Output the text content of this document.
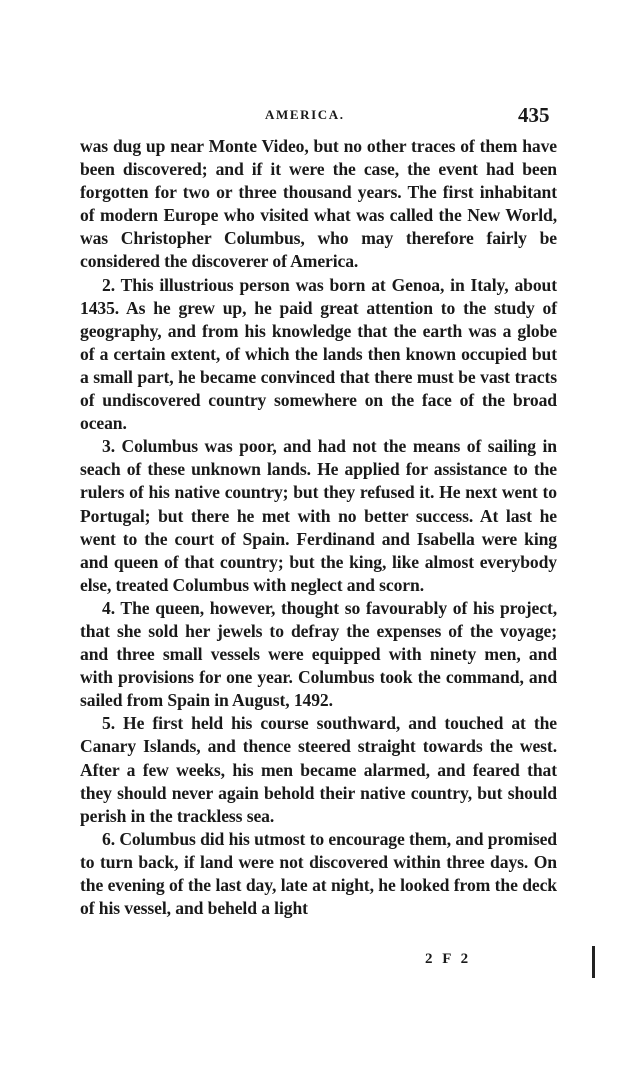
AMERICA.	435

was dug up near Monte Video, but no other traces of them have been discovered; and if it were the case, the event had been forgotten for two or three thousand years. The first inhabitant of modern Europe who visited what was called the New World, was Christopher Columbus, who may therefore fairly be considered the discoverer of America.

2. This illustrious person was born at Genoa, in Italy, about 1435. As he grew up, he paid great attention to the study of geography, and from his knowledge that the earth was a globe of a certain extent, of which the lands then known occupied but a small part, he became convinced that there must be vast tracts of undiscovered country somewhere on the face of the broad ocean.

3. Columbus was poor, and had not the means of sailing in seach of these unknown lands. He applied for assistance to the rulers of his native country; but they refused it. He next went to Portugal; but there he met with no better success. At last he went to the court of Spain. Ferdinand and Isabella were king and queen of that country; but the king, like almost everybody else, treated Columbus with neglect and scorn.

4. The queen, however, thought so favourably of his project, that she sold her jewels to defray the expenses of the voyage; and three small vessels were equipped with ninety men, and with provisions for one year. Columbus took the command, and sailed from Spain in August, 1492.

5. He first held his course southward, and touched at the Canary Islands, and thence steered straight towards the west. After a few weeks, his men became alarmed, and feared that they should never again behold their native country, but should perish in the trackless sea.

6. Columbus did his utmost to encourage them, and promised to turn back, if land were not discovered within three days. On the evening of the last day, late at night, he looked from the deck of his vessel, and beheld a light

2 F 2
